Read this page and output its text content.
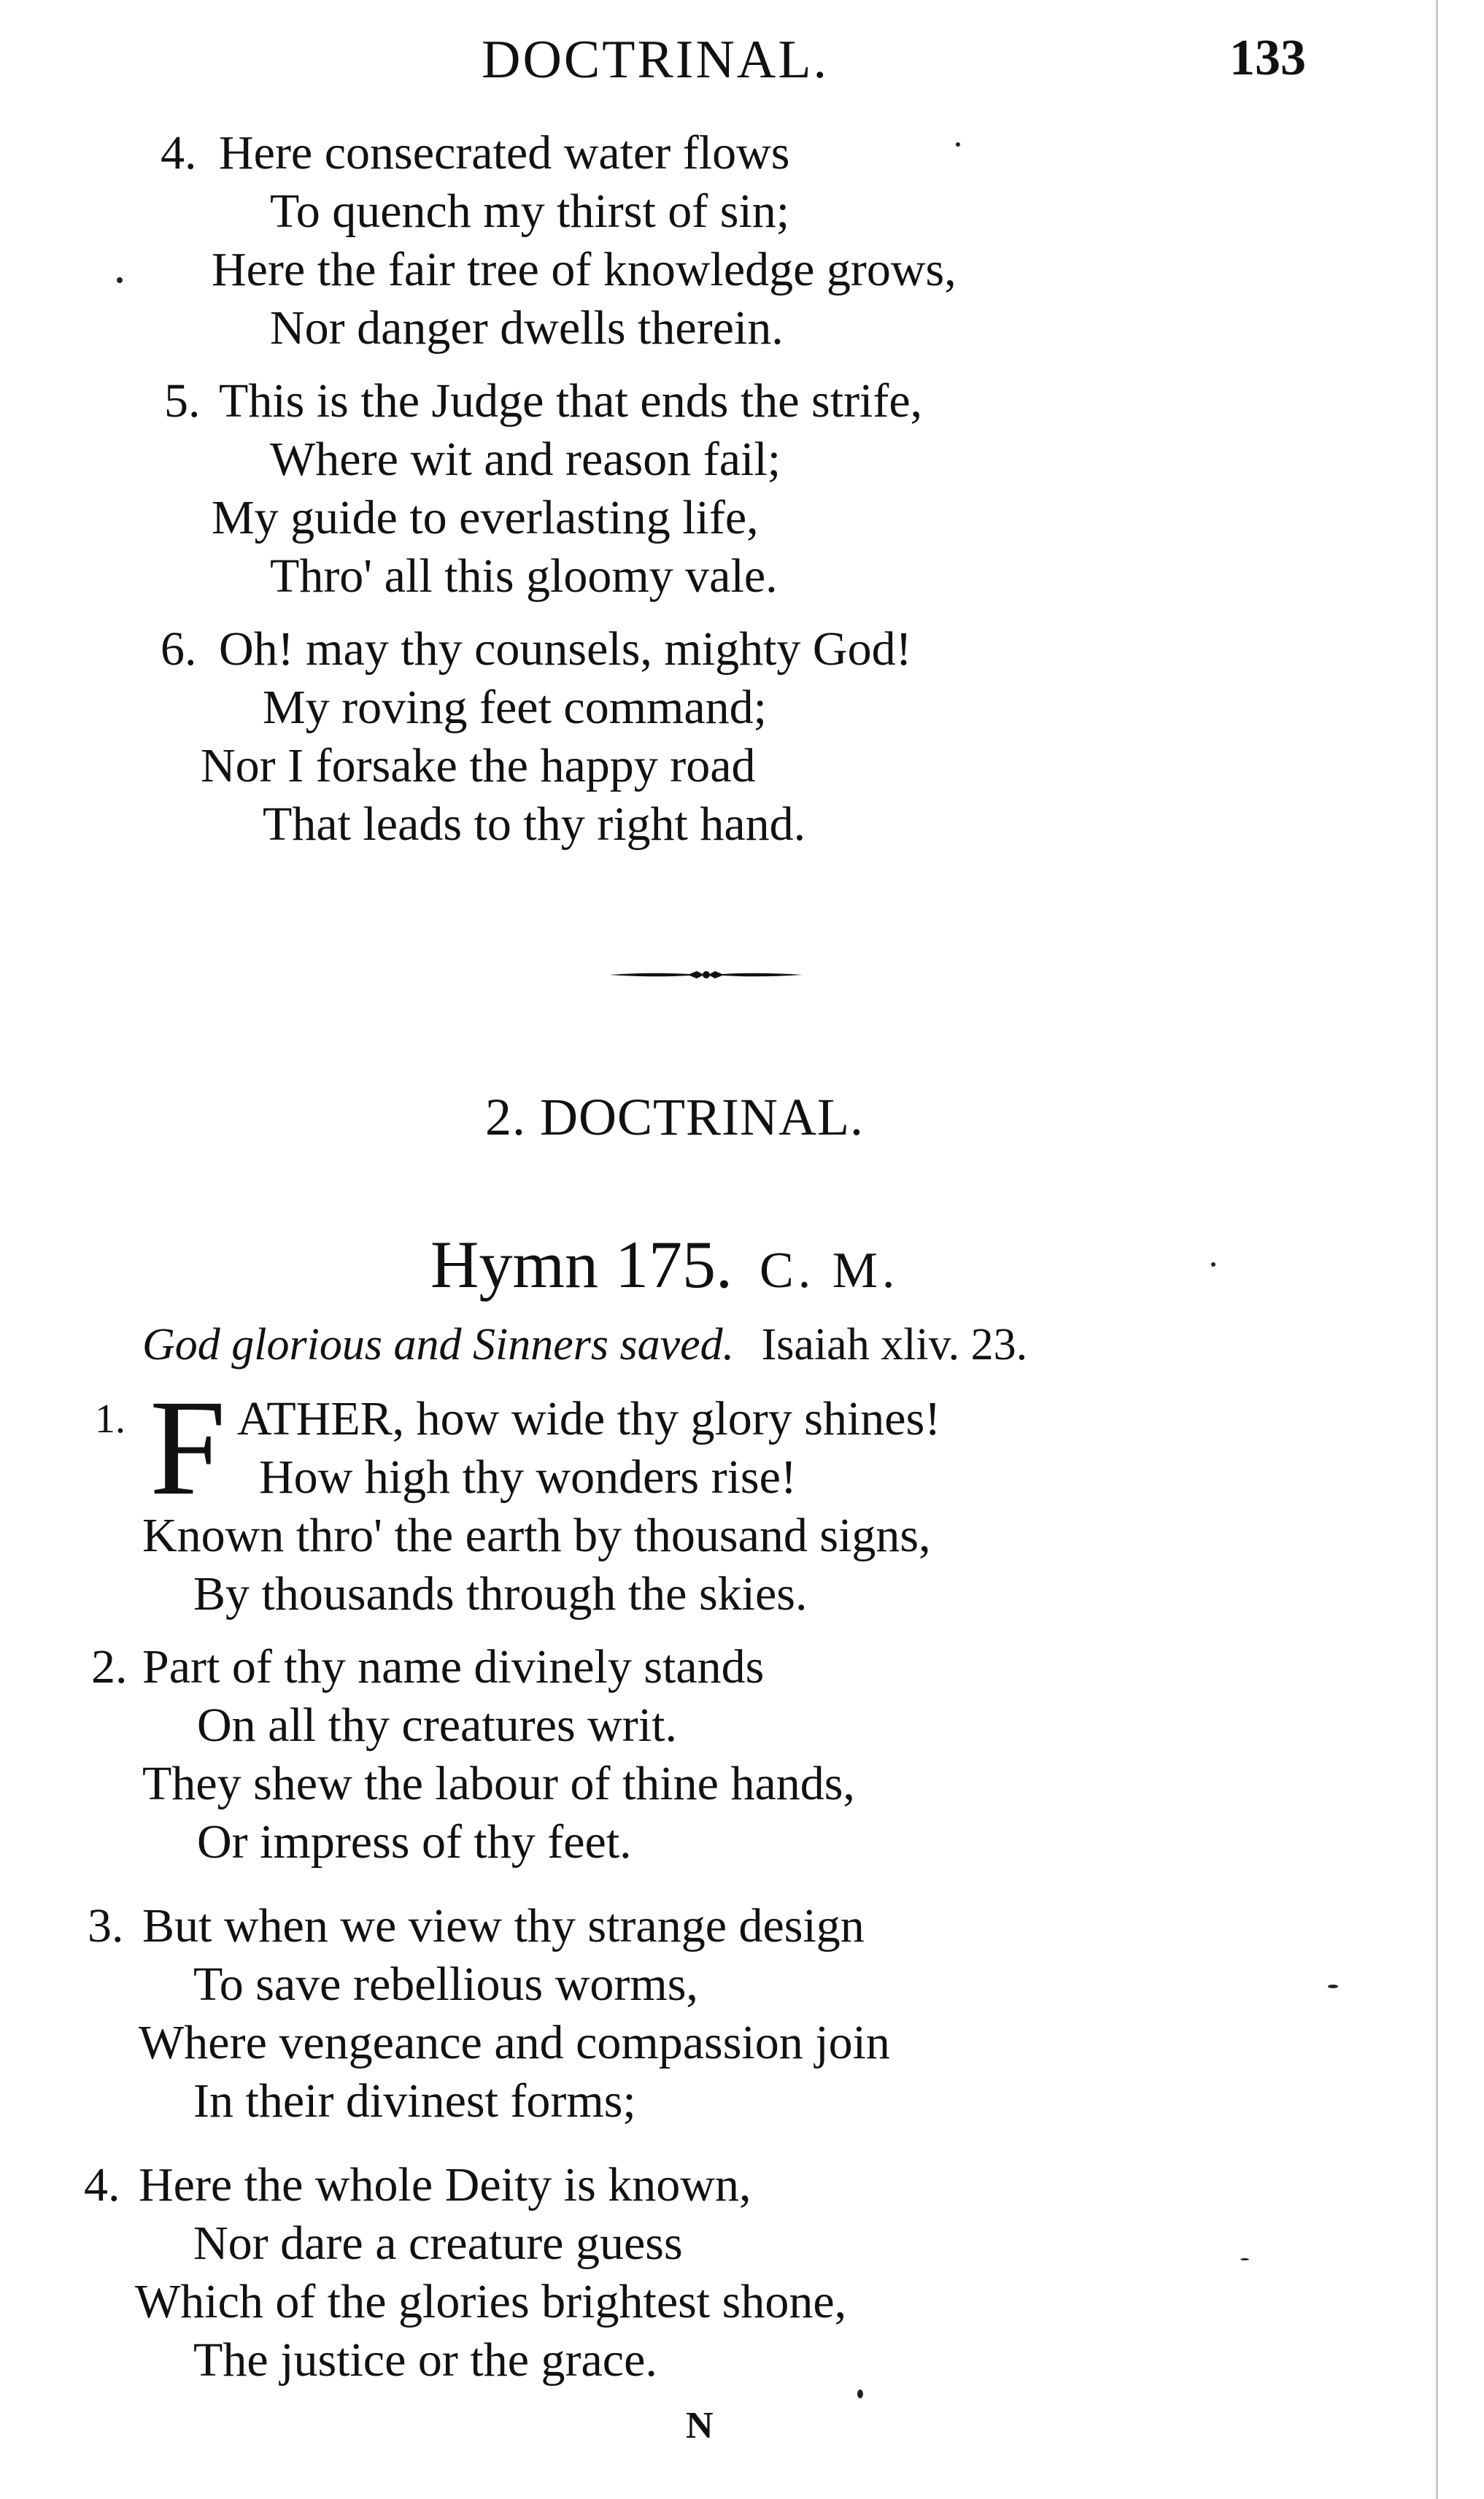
DOCTRINAL.	133
4. Here consecrated water flows
To quench my thirst of sin;
Here the fair tree of knowledge grows,
Nor danger dwells therein.
5. This is the Judge that ends the strife,
Where wit and reason fail;
My guide to everlasting life,
Thro' all this gloomy vale.
6. Oh! may thy counsels, mighty God!
My roving feet command;
Nor I forsake the happy road
That leads to thy right hand.
2. DOCTRINAL.
Hymn 175. C. M.
God glorious and Sinners saved. Isaiah xliv. 23.
1. F ATHER, how wide thy glory shines!
How high thy wonders rise!
Known thro' the earth by thousand signs,
By thousands through the skies.
2. Part of thy name divinely stands
On all thy creatures writ.
They shew the labour of thine hands,
Or impress of thy feet.
3. But when we view thy strange design
To save rebellious worms,
Where vengeance and compassion join
In their divinest forms;
4. Here the whole Deity is known,
Nor dare a creature guess
Which of the glories brightest shone,
The justice or the grace.
N
